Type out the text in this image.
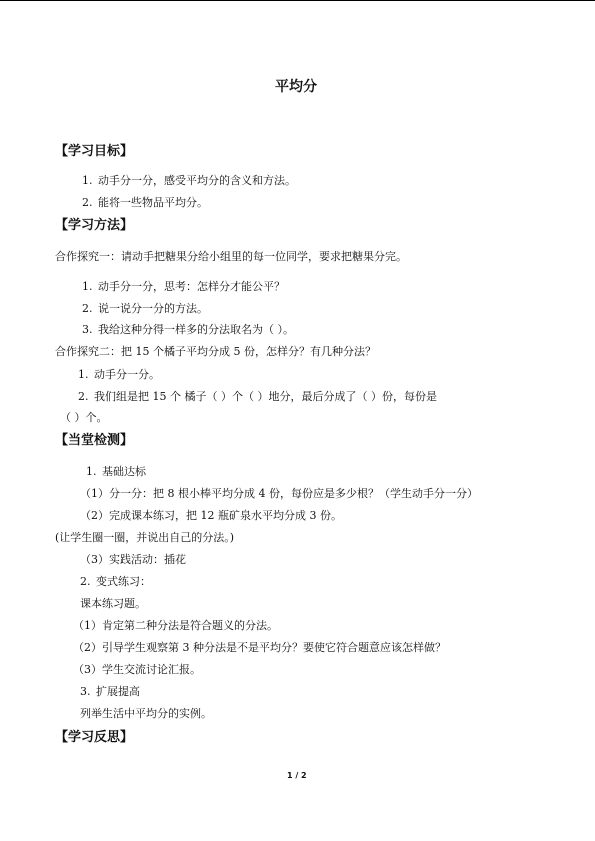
平均分
【学习目标】
1. 动手分一分，感受平均分的含义和方法。
2. 能将一些物品平均分。
【学习方法】
合作探究一：请动手把糖果分给小组里的每一位同学，要求把糖果分完。
1. 动手分一分，思考：怎样分才能公平？
2. 说一说分一分的方法。
3. 我给这种分得一样多的分法取名为（ ）。
合作探究二：把 15 个橘子平均分成 5 份，怎样分？有几种分法？
1. 动手分一分。
2. 我们组是把 15 个 橘子（ ）个（ ）地分，最后分成了（ ）份，每份是
（ ）个。
【当堂检测】
1. 基础达标
（1）分一分：把 8 根小棒平均分成 4 份，每份应是多少根？（学生动手分一分）
（2）完成课本练习，把 12 瓶矿泉水平均分成 3 份。
(让学生圈一圈，并说出自己的分法。)
（3）实践活动：插花
2. 变式练习：
课本练习题。
（1）肯定第二种分法是符合题义的分法。
（2）引导学生观察第 3 种分法是不是平均分？要使它符合题意应该怎样做？
（3）学生交流讨论汇报。
3. 扩展提高
列举生活中平均分的实例。
【学习反思】
1 / 2
